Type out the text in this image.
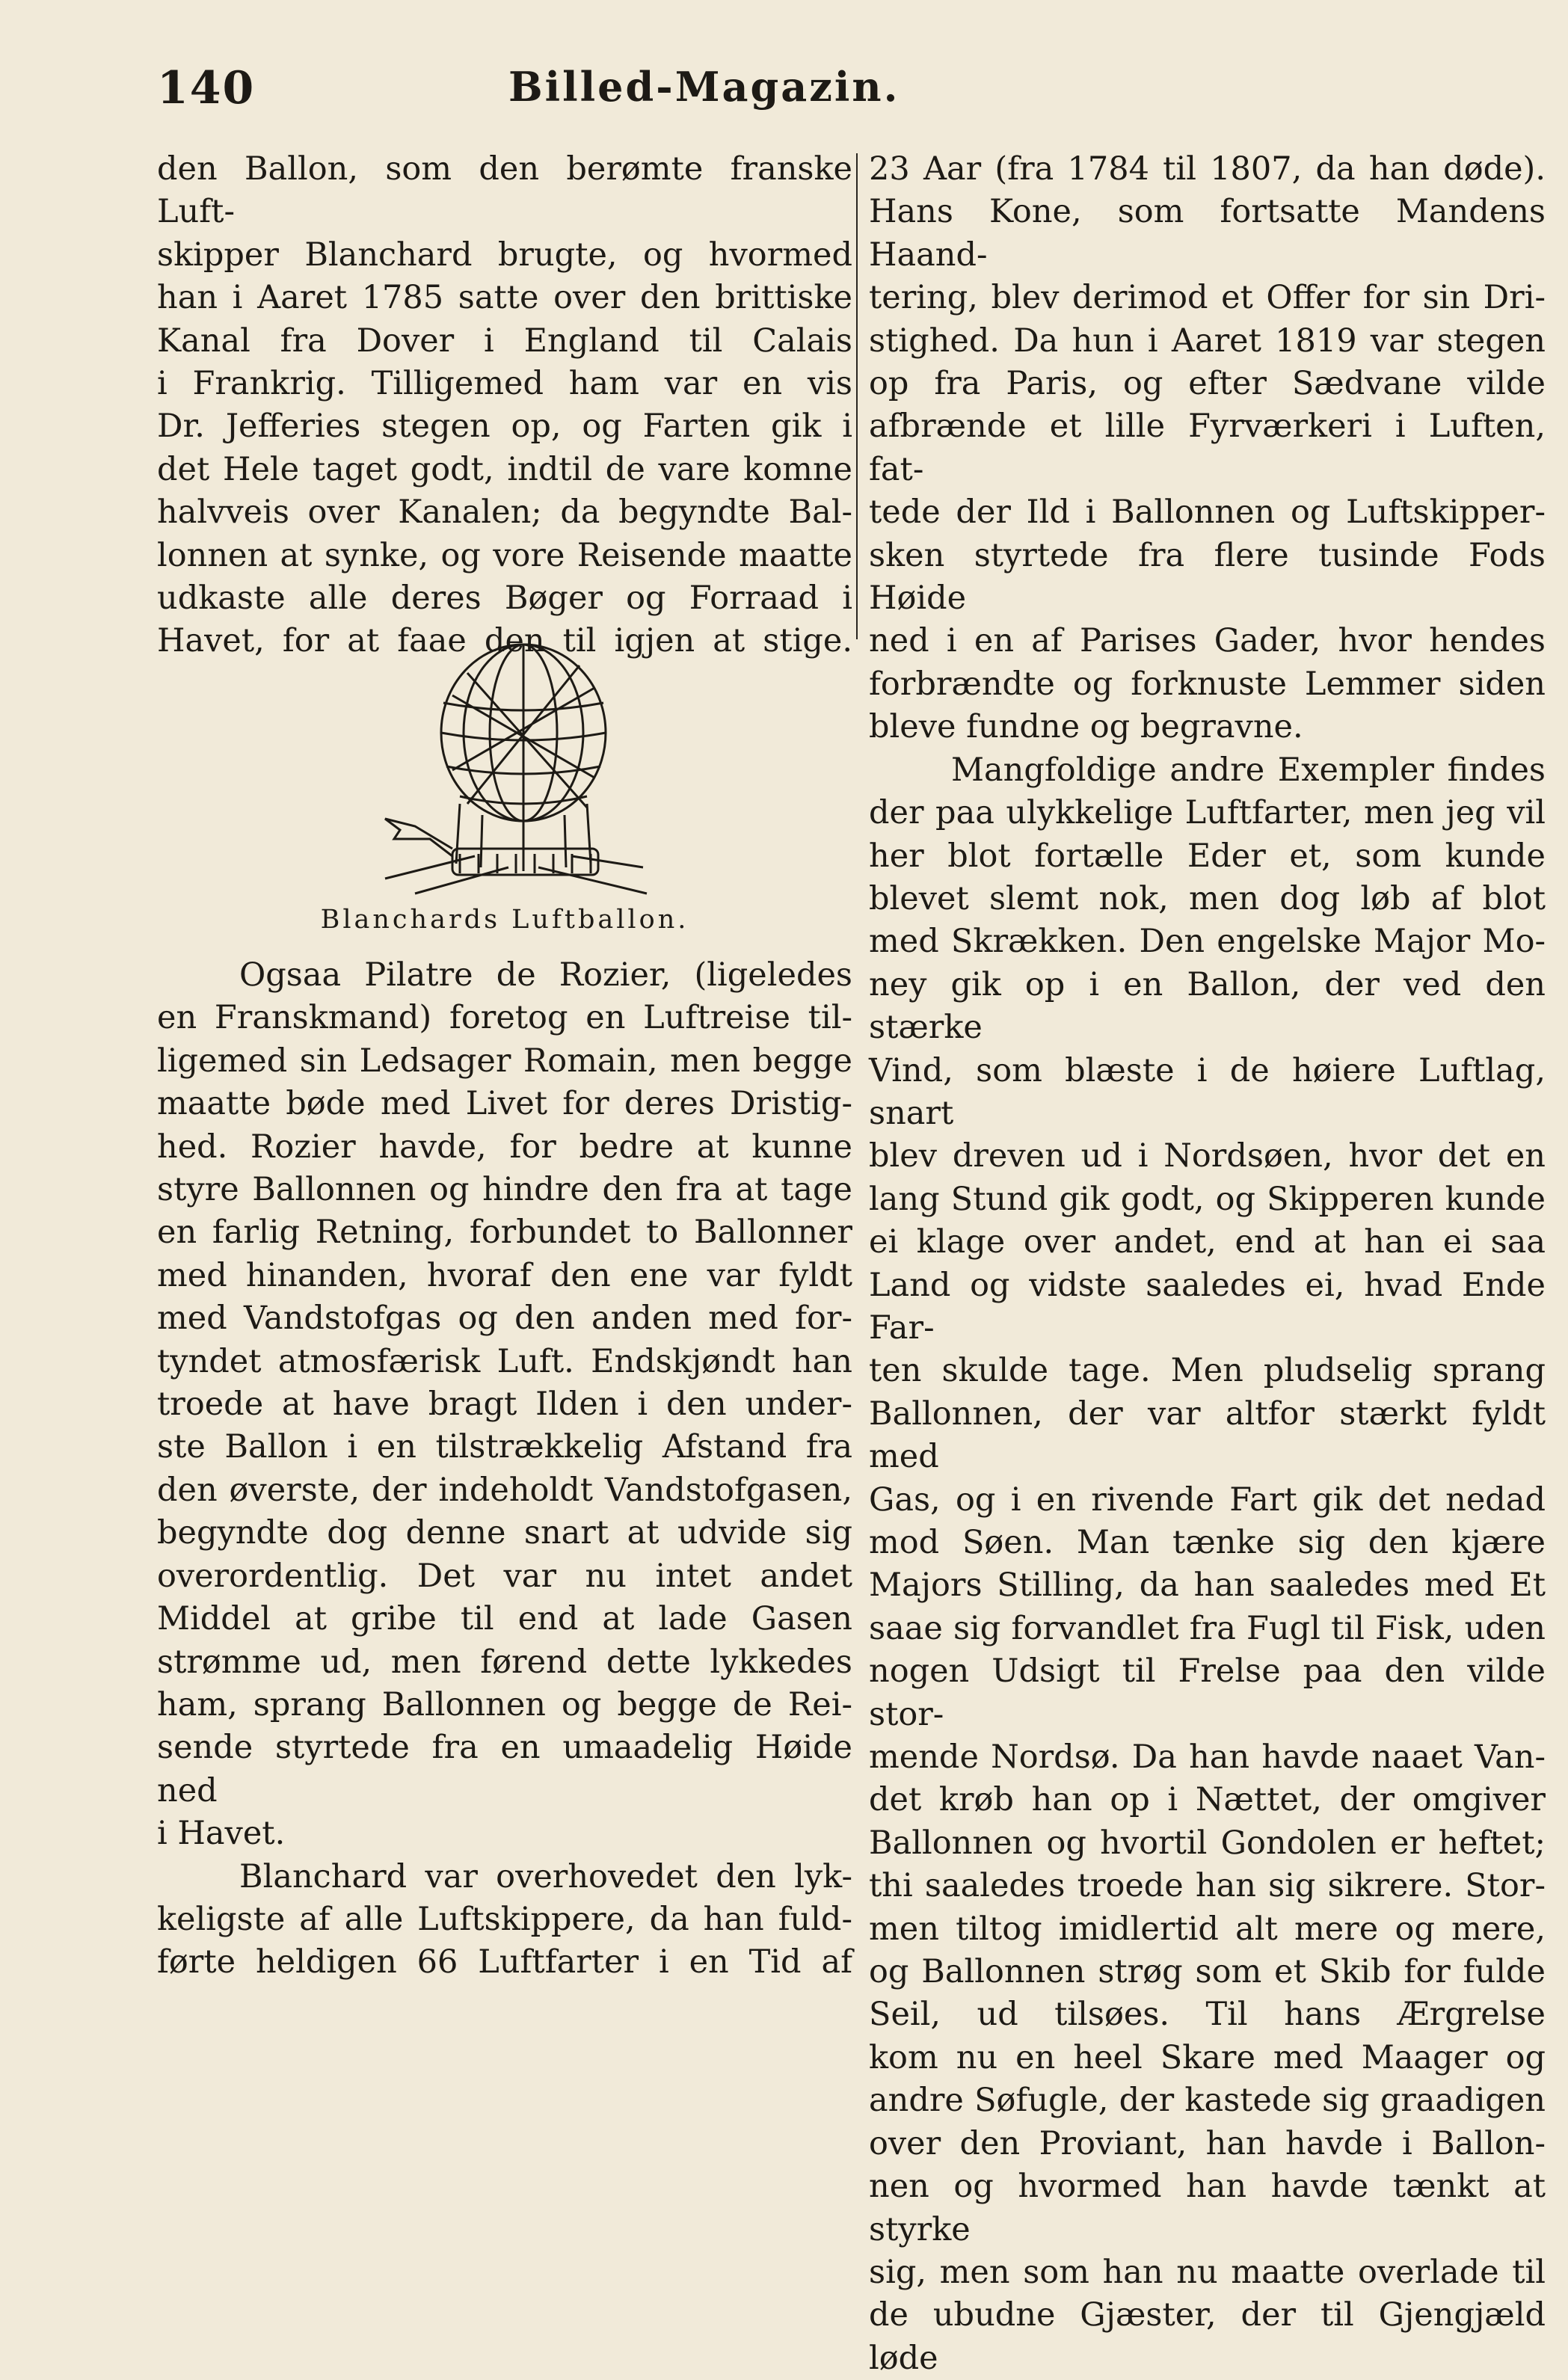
140	Billed-Magazin.

den Ballon, som den berømte franske Luft-

skipper Blanchard brugte, og hvormed

han i Aaret 1785 satte over den brittiske

Kanal fra Dover i England til Calais

i Frankrig. Tilligemed ham var en vis

Dr. Jefferies stegen op, og Farten gik i

det Hele taget godt, indtil de vare komne

halvveis over Kanalen; da begyndte Bal-

lonnen at synke, og vore Reisende maatte

udkaste alle deres Bøger og Forraad i

Havet, for at faae den til igjen at stige.

Blanchards Luftballon.

Ogsaa Pilatre de Rozier, (ligeledes

en Franskmand) foretog en Luftreise til-

ligemed sin Ledsager Romain, men begge

maatte bøde med Livet for deres Dristig-

hed. Rozier havde, for bedre at kunne

styre Ballonnen og hindre den fra at tage

en farlig Retning, forbundet to Ballonner

med hinanden, hvoraf den ene var fyldt

med Vandstofgas og den anden med for-

tyndet atmosfærisk Luft. Endskjøndt han

troede at have bragt Ilden i den under-

ste Ballon i en tilstrækkelig Afstand fra

den øverste, der indeholdt Vandstofgasen,

begyndte dog denne snart at udvide sig

overordentlig. Det var nu intet andet

Middel at gribe til end at lade Gasen

strømme ud, men førend dette lykkedes

ham, sprang Ballonnen og begge de Rei-

sende styrtede fra en umaadelig Høide ned

i Havet.

Blanchard var overhovedet den lyk-

keligste af alle Luftskippere, da han fuld-

førte heldigen 66 Luftfarter i en Tid af

23 Aar (fra 1784 til 1807, da han døde).

Hans Kone, som fortsatte Mandens Haand-

tering, blev derimod et Offer for sin Dri-

stighed. Da hun i Aaret 1819 var stegen

op fra Paris, og efter Sædvane vilde

afbrænde et lille Fyrværkeri i Luften, fat-

tede der Ild i Ballonnen og Luftskipper-

sken styrtede fra flere tusinde Fods Høide

ned i en af Parises Gader, hvor hendes

forbrændte og forknuste Lemmer siden

bleve fundne og begravne.

Mangfoldige andre Exempler findes

der paa ulykkelige Luftfarter, men jeg vil

her blot fortælle Eder et, som kunde

blevet slemt nok, men dog løb af blot

med Skrækken. Den engelske Major Mo-

ney gik op i en Ballon, der ved den stærke

Vind, som blæste i de høiere Luftlag, snart

blev dreven ud i Nordsøen, hvor det en

lang Stund gik godt, og Skipperen kunde

ei klage over andet, end at han ei saa

Land og vidste saaledes ei, hvad Ende Far-

ten skulde tage. Men pludselig sprang

Ballonnen, der var altfor stærkt fyldt med

Gas, og i en rivende Fart gik det nedad

mod Søen. Man tænke sig den kjære

Majors Stilling, da han saaledes med Et

saae sig forvandlet fra Fugl til Fisk, uden

nogen Udsigt til Frelse paa den vilde stor-

mende Nordsø. Da han havde naaet Van-

det krøb han op i Nættet, der omgiver

Ballonnen og hvortil Gondolen er heftet;

thi saaledes troede han sig sikrere. Stor-

men tiltog imidlertid alt mere og mere,

og Ballonnen strøg som et Skib for fulde

Seil, ud tilsøes. Til hans Ærgrelse

kom nu en heel Skare med Maager og

andre Søfugle, der kastede sig graadigen

over den Proviant, han havde i Ballon-

nen og hvormed han havde tænkt at styrke

sig, men som han nu maatte overlade til

de ubudne Gjæster, der til Gjengjæld løde
